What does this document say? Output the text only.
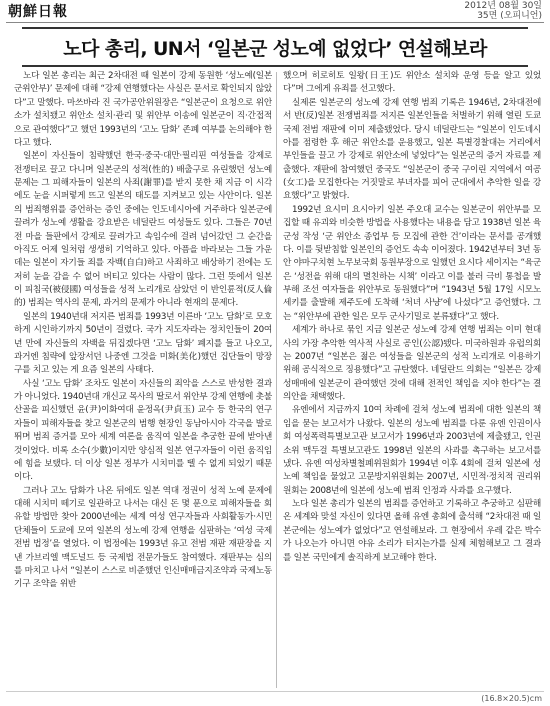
朝鮮日報	2012년 08월 30일
35면 (오피니언)
노다 총리, UN서 ‘일본군 성노예 없었다’ 연설해보라

노다 일본 총리는 최근 2차대전 때 일본이 강제 동원한 ‘성노예(일본군위안부)’ 문제에 대해 “강제 연행했다는 사실은 문서로 확인되지 않았다”고 말했다. 마쓰바라 진 국가공안위원장은 “일본군이 요청으로 위안소가 설치됐고 위안소 설치·관리 및 위안부 이송에 일본군이 직·간접적으로 관여했다”고 했던 1993년의 ‘고노 담화’ 존폐 여부를 논의해야 한다고 했다.

일본이 자신들이 침략했던 한국·중국·대만·필리핀 여성들을 강제로 전쟁터로 끌고 다니며 일본군의 성적(性的) 배출구로 유린했던 성노예 문제는 그 피해자들이 일본의 사죄(謝罪)를 받지 못한 채 지금 이 시각에도 눈을 시퍼렇게 뜨고 일본의 태도를 지켜보고 있는 사안이다. 일본의 범죄행위를 증언하는 증인 중에는 인도네시아에 거주하다 일본군에 끌려가 성노예 생활을 강요받은 네덜란드 여성들도 있다. 그들은 70년 전 마을 들판에서 강제로 끌려가고 속임수에 걸려 넘어갔던 그 순간을 아직도 어제 일처럼 생생히 기억하고 있다. 아픔을 바라보는 그들 가운데는 일본이 자기들 죄를 자백(自白)하고 사죄하고 배상하기 전에는 도저히 눈을 감을 수 없어 버티고 있다는 사람이 많다. 그런 뜻에서 일본이 피침국(被侵國) 여성들을 성적 노리개로 삼았던 이 반인륜적(反人倫的) 범죄는 역사의 문제, 과거의 문제가 아니라 현재의 문제다.

일본의 1940년대 저지른 범죄를 1993년 이른바 ‘고노 담화’로 모호하게 시인하기까지 50년이 걸렸다. 국가 지도자라는 정치인들이 20여 년 만에 자신들의 자백을 뒤집겠다면 ‘고노 담화’ 폐지를 들고 나오고, 과거엔 침략에 앞장서던 나중엔 그것을 미화(美化)했던 집단들이 망장구를 치고 있는 게 요즘 일본의 사태다.

사실 ‘고노 담화’ 조차도 일본이 자신들의 죄악을 스스로 반성한 결과가 아니었다. 1940년대 개신교 목사의 딸로서 위안부 강제 연행에 촛불 산골을 피신했던 윤(尹)이화여대 윤정옥(尹貞玉) 교수 등 한국의 연구자들이 피해자들을 찾고 일본군의 범행 현장인 동남아시아 각국을 발로 뛰며 범죄 증거를 모아 세계 여론을 움직여 일본을 추궁한 끝에 받아낸 것이었다. 비록 소수(少數)이지만 양심적 일본 연구자들이 이런 움직임에 힘을 보탰다. 더 이상 일본 정부가 시치미를 뗄 수 없게 되었기 때문이다.

그러나 고노 담화가 나온 뒤에도 일본 역대 정권이 성적 노예 문제에 대해 시치미 떼기로 일관하고 나서는 대신 돈 몇 푼으로 피해자들을 회유할 방법만 찾아 2000년에는 세계 여성 연구자들과 사회활동가·시민단체들이 도쿄에 모여 일본의 성노예 강제 연행을 심판하는 ‘여성 국제 전범 법정’을 열었다. 이 법정에는 1993년 유고 전범 재판 재판장을 지낸 가브리엘 맥도널드 등 국제법 전문가들도 참여했다. 재판부는 심의를 마치고 나서 “일본이 스스로 비준했던 인신매매금지조약과 국제노동기구 조약을 위반

했으며 히로히토 일왕(日王)도 위안소 설치와 운영 등을 알고 있었다”며 그에게 유죄를 선고했다.

실제론 일본군의 성노예 강제 연행 범죄 기록은 1946년, 2차대전에서 반(反)일본 전쟁범죄를 저지른 일본인들을 처벌하기 위해 열린 도쿄 국제 전범 재판에 이미 제출됐었다. 당시 네덜란드는 “일본이 인도네시아를 점령한 후 해군 위안소를 운용했고, 일본 특별경찰대는 거리에서 부인들을 끌고 가 강제로 위안소에 넣었다”는 일본군의 증거 자료를 제출했다. 재판에 참여했던 중국도 “일본군이 중국 구이린 지역에서 여공(女工)을 모집한다는 거짓말로 부녀자를 피어 군대에서 추악한 일을 강요했다”고 밝혔다.

1992년 요시미 요시아키 일본 주오대 교수는 일본군이 위안부를 모집할 때 유괴와 비슷한 방법을 사용했다는 내용을 담고 1938년 일본 육군성 작성 ‘군 위안소 종업부 등 모집에 관한 건’이라는 문서를 공개했다. 이를 뒷받침할 일본인의 증언도 속속 이어졌다. 1942년부터 3년 동안 야마구치현 노무보국회 동원부장으로 일했던 요시다 세이지는 “육군은 ‘성전을 위해 대의 멸친하는 시책’ 이라고 이를 불러 극비 통첩을 발부해 조선 여자들을 위안부로 동원했다”며 “1943년 5월 17일 시모노세키를 출발해 제주도에 도착해 ‘처녀 사냥’에 나섰다”고 증언했다. 그는 “위안부에 관한 일은 모두 군사기밀로 분류됐다”고 했다.

세계가 하나로 묶인 지금 일본군 성노예 강제 연행 범죄는 이미 현대사의 가장 추악한 역사적 사실로 공인(公認)됐다. 미국하원과 유럽의회는 2007년 “일본은 젊은 여성들을 일본군의 성적 노리개로 이용하기 위해 공식적으로 징용했다”고 규탄했다. 네덜란드 의회는 “일본은 강제 성매매에 일본군이 관여했던 것에 대해 전적인 책임을 지야 한다”는 결의안을 채택했다.

유엔에서 지금까지 10여 차례에 걸쳐 성노예 범죄에 대한 일본의 책임을 묻는 보고서가 나왔다. 일본의 성노예 범죄를 다룬 유엔 인권이사회 여성폭력특별보고관 보고서가 1996년과 2003년에 제출됐고, 인권소위 맥두걸 특별보고관도 1998년 일본의 사과를 촉구하는 보고서를 냈다. 유엔 여성차별철폐위원회가 1994년 이후 4회에 걸쳐 일본에 성노예 책임을 물었고 고문방지위원회는 2007년, 시민적·정치적 권리위원회는 2008년에 일본에 성노예 범죄 인정과 사과를 요구했다.

노다 일본 총리가 일본의 범죄를 증언하고 기록하고 추궁하고 심판해 온 세계와 맞설 자신이 있다면 올해 유엔 총회에 출석해 “2차대전 때 일본군에는 성노예가 없었다”고 연설해보라. 그 현장에서 우레 같은 박수가 나오는가 아니면 야유 소리가 터지는가를 실제 체험해보고 그 결과를 일본 국민에게 솔직하게 보고해야 한다.

(16.8×20.5)cm
